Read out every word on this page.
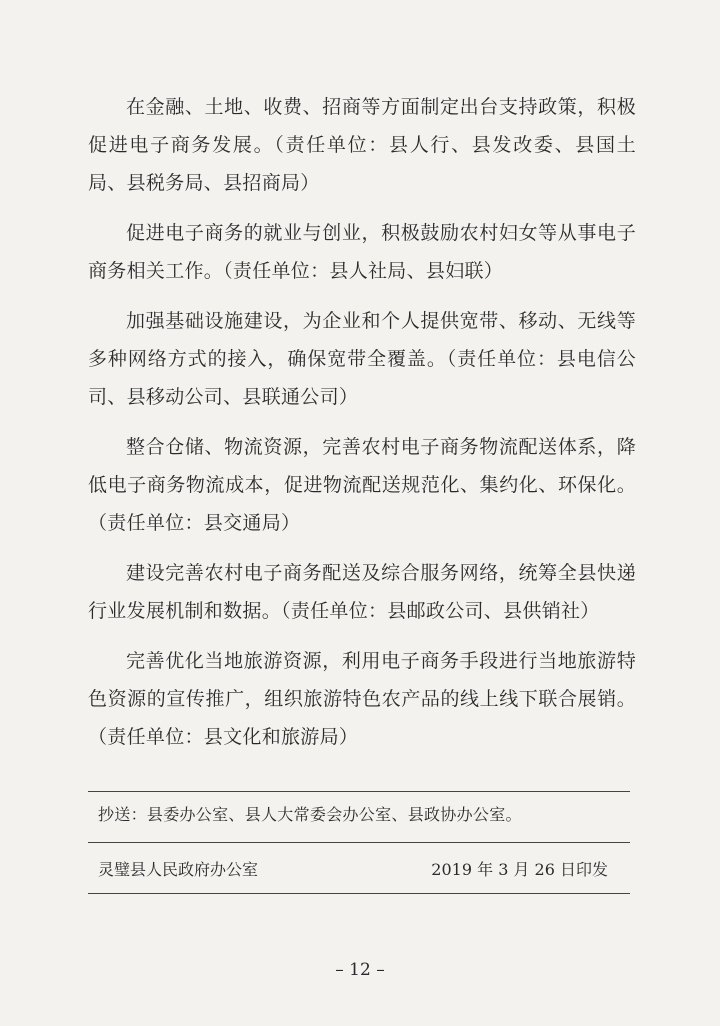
在金融、土地、收费、招商等方面制定出台支持政策，积极促进电子商务发展。（责任单位：县人行、县发改委、县国土局、县税务局、县招商局）

促进电子商务的就业与创业，积极鼓励农村妇女等从事电子商务相关工作。（责任单位：县人社局、县妇联）

加强基础设施建设，为企业和个人提供宽带、移动、无线等多种网络方式的接入，确保宽带全覆盖。（责任单位：县电信公司、县移动公司、县联通公司）

整合仓储、物流资源，完善农村电子商务物流配送体系，降低电子商务物流成本，促进物流配送规范化、集约化、环保化。（责任单位：县交通局）

建设完善农村电子商务配送及综合服务网络，统筹全县快递行业发展机制和数据。（责任单位：县邮政公司、县供销社）

完善优化当地旅游资源，利用电子商务手段进行当地旅游特色资源的宣传推广，组织旅游特色农产品的线上线下联合展销。（责任单位：县文化和旅游局）

抄送：县委办公室、县人大常委会办公室、县政协办公室。
灵璧县人民政府办公室	2019 年 3 月 26 日印发
– 12 –
